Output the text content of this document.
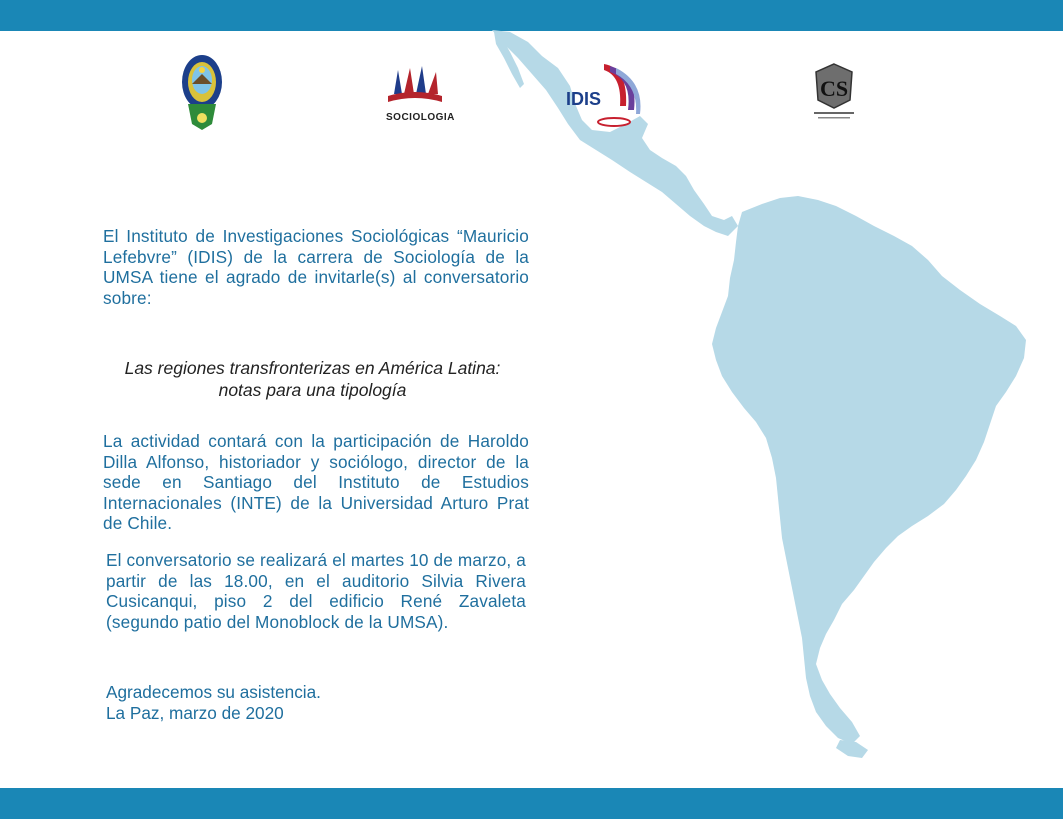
SOCIOLOGIA
IDIS	CS
El Instituto de Investigaciones Sociológicas “Mauricio Lefebvre” (IDIS) de la carrera de Sociología de la UMSA tiene el agrado de invitarle(s) al conversatorio sobre:
Las regiones transfronterizas en América Latina:
notas para una tipología
La actividad contará con la participación de Haroldo Dilla Alfonso, historiador y sociólogo, director de la sede en Santiago del Instituto de Estudios Internacionales (INTE) de la Universidad Arturo Prat de Chile.
El conversatorio se realizará el martes 10 de marzo, a partir de las 18.00, en el auditorio Silvia Rivera Cusicanqui, piso 2 del edificio René Zavaleta (segundo patio del Monoblock de la UMSA).
Agradecemos su asistencia.
La Paz, marzo de 2020
